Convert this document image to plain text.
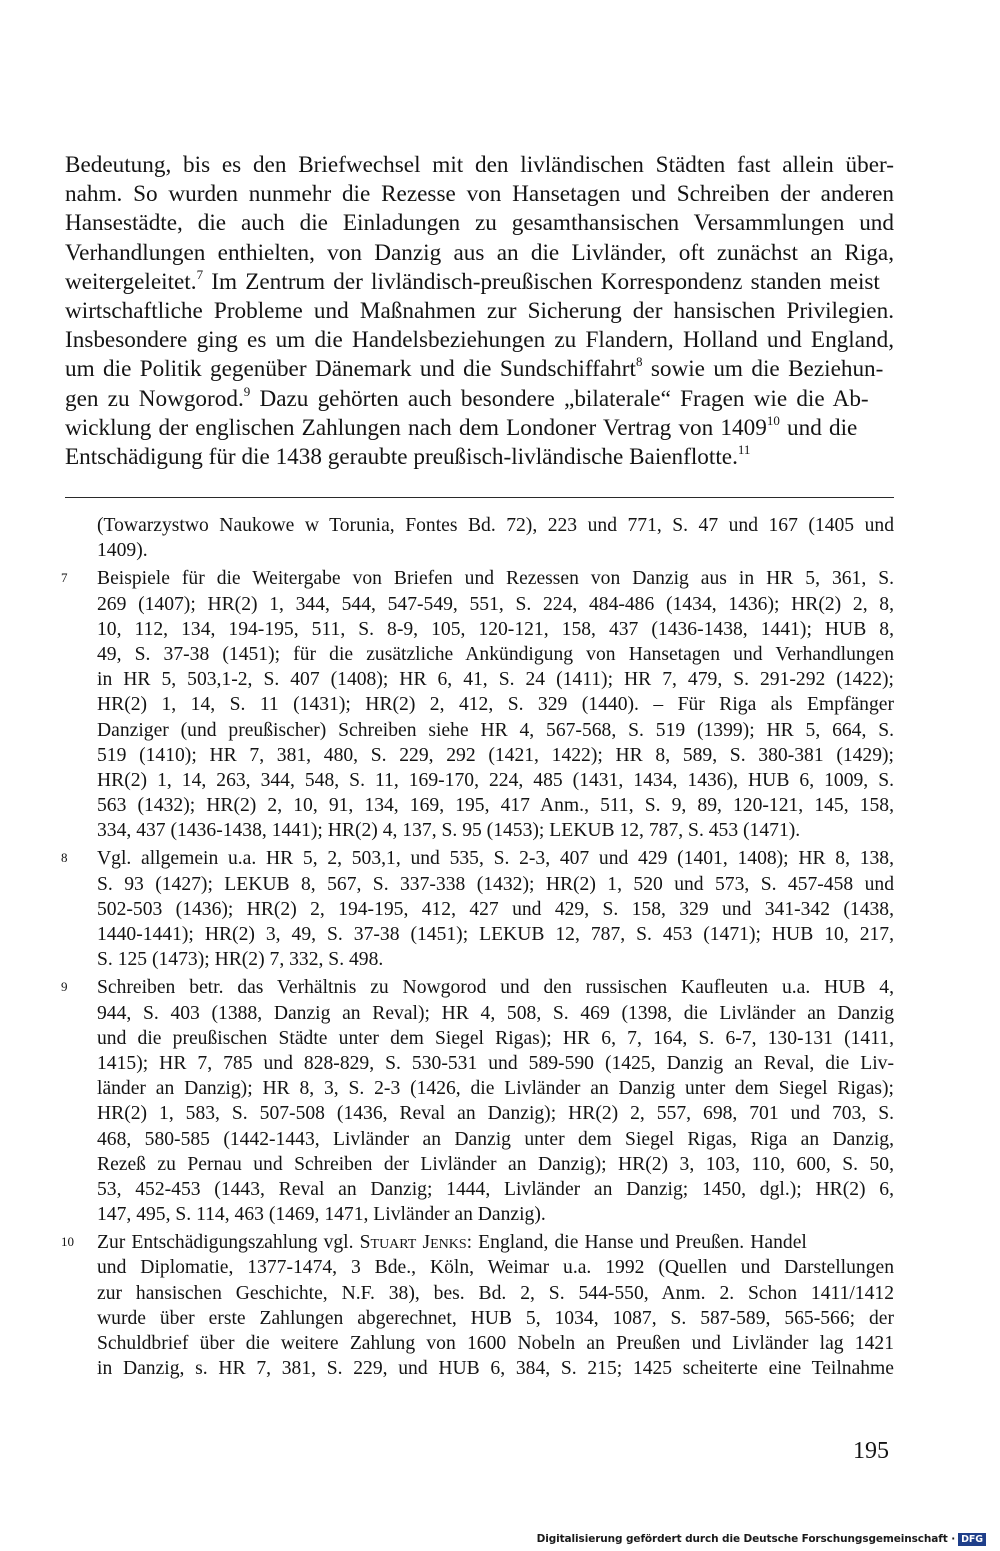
Bedeutung, bis es den Briefwechsel mit den livländischen Städten fast allein über-
nahm. So wurden nunmehr die Rezesse von Hansetagen und Schreiben der anderen
Hansestädte, die auch die Einladungen zu gesamthansischen Versammlungen und
Verhandlungen enthielten, von Danzig aus an die Livländer, oft zunächst an Riga,
weitergeleitet.$^7$ Im Zentrum der livländisch-preußischen Korrespondenz standen meist
wirtschaftliche Probleme und Maßnahmen zur Sicherung der hansischen Privilegien.
Insbesondere ging es um die Handelsbeziehungen zu Flandern, Holland und England,
um die Politik gegenüber Dänemark und die Sundschiffahrt$^8$ sowie um die Beziehun-
gen zu Nowgorod.$^9$ Dazu gehörten auch besondere „bilaterale“ Fragen wie die Ab-
wicklung der englischen Zahlungen nach dem Londoner Vertrag von 1409$^{10}$ und die
Entschädigung für die 1438 geraubte preußisch-livländische Baienflotte.$^{11}$
(Towarzystwo Naukowe w Torunia, Fontes Bd. 72), 223 und 771, S. 47 und 167 (1405 und
1409).
7 Beispiele für die Weitergabe von Briefen und Rezessen von Danzig aus in HR 5, 361, S.
269 (1407); HR(2) 1, 344, 544, 547-549, 551, S. 224, 484-486 (1434, 1436); HR(2) 2, 8,
10, 112, 134, 194-195, 511, S. 8-9, 105, 120-121, 158, 437 (1436-1438, 1441); HUB 8,
49, S. 37-38 (1451); für die zusätzliche Ankündigung von Hansetagen und Verhandlungen
in HR 5, 503,1-2, S. 407 (1408); HR 6, 41, S. 24 (1411); HR 7, 479, S. 291-292 (1422);
HR(2) 1, 14, S. 11 (1431); HR(2) 2, 412, S. 329 (1440). – Für Riga als Empfänger
Danziger (und preußischer) Schreiben siehe HR 4, 567-568, S. 519 (1399); HR 5, 664, S.
519 (1410); HR 7, 381, 480, S. 229, 292 (1421, 1422); HR 8, 589, S. 380-381 (1429);
HR(2) 1, 14, 263, 344, 548, S. 11, 169-170, 224, 485 (1431, 1434, 1436), HUB 6, 1009, S.
563 (1432); HR(2) 2, 10, 91, 134, 169, 195, 417 Anm., 511, S. 9, 89, 120-121, 145, 158,
334, 437 (1436-1438, 1441); HR(2) 4, 137, S. 95 (1453); LEKUB 12, 787, S. 453 (1471).
8 Vgl. allgemein u.a. HR 5, 2, 503,1, und 535, S. 2-3, 407 und 429 (1401, 1408); HR 8, 138,
S. 93 (1427); LEKUB 8, 567, S. 337-338 (1432); HR(2) 1, 520 und 573, S. 457-458 und
502-503 (1436); HR(2) 2, 194-195, 412, 427 und 429, S. 158, 329 und 341-342 (1438,
1440-1441); HR(2) 3, 49, S. 37-38 (1451); LEKUB 12, 787, S. 453 (1471); HUB 10, 217,
S. 125 (1473); HR(2) 7, 332, S. 498.
9 Schreiben betr. das Verhältnis zu Nowgorod und den russischen Kaufleuten u.a. HUB 4,
944, S. 403 (1388, Danzig an Reval); HR 4, 508, S. 469 (1398, die Livländer an Danzig
und die preußischen Städte unter dem Siegel Rigas); HR 6, 7, 164, S. 6-7, 130-131 (1411,
1415); HR 7, 785 und 828-829, S. 530-531 und 589-590 (1425, Danzig an Reval, die Liv-
länder an Danzig); HR 8, 3, S. 2-3 (1426, die Livländer an Danzig unter dem Siegel Rigas);
HR(2) 1, 583, S. 507-508 (1436, Reval an Danzig); HR(2) 2, 557, 698, 701 und 703, S.
468, 580-585 (1442-1443, Livländer an Danzig unter dem Siegel Rigas, Riga an Danzig,
Rezeß zu Pernau und Schreiben der Livländer an Danzig); HR(2) 3, 103, 110, 600, S. 50,
53, 452-453 (1443, Reval an Danzig; 1444, Livländer an Danzig; 1450, dgl.); HR(2) 6,
147, 495, S. 114, 463 (1469, 1471, Livländer an Danzig).
10 Zur Entschädigungszahlung vgl. Stuart Jenks: England, die Hanse und Preußen. Handel
und Diplomatie, 1377-1474, 3 Bde., Köln, Weimar u.a. 1992 (Quellen und Darstellungen
zur hansischen Geschichte, N.F. 38), bes. Bd. 2, S. 544-550, Anm. 2. Schon 1411/1412
wurde über erste Zahlungen abgerechnet, HUB 5, 1034, 1087, S. 587-589, 565-566; der
Schuldbrief über die weitere Zahlung von 1600 Nobeln an Preußen und Livländer lag 1421
in Danzig, s. HR 7, 381, S. 229, und HUB 6, 384, S. 215; 1425 scheiterte eine Teilnahme
195
Digitalisierung gefördert durch die Deutsche Forschungsgemeinschaft · DFG
